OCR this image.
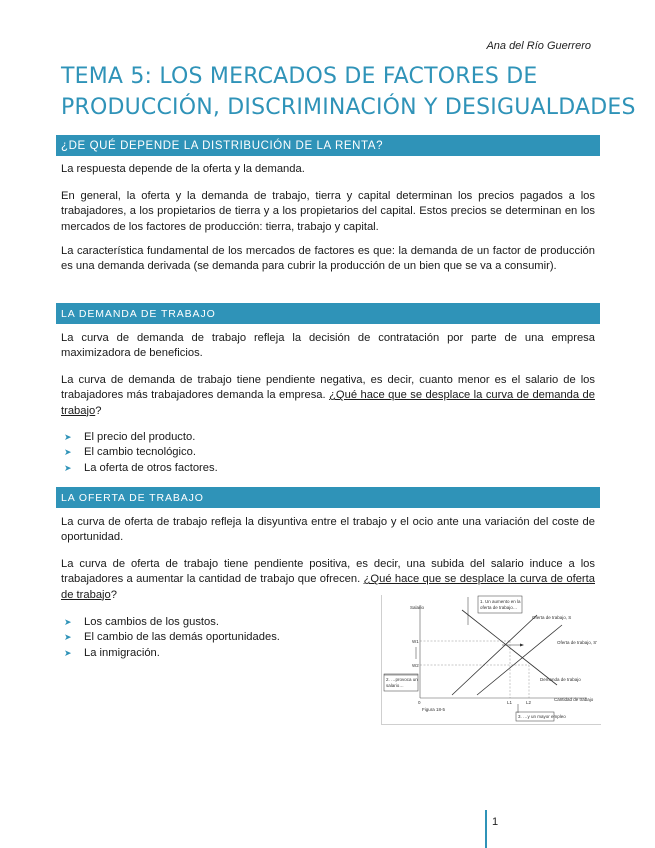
Ana del Río Guerrero
TEMA 5: LOS MERCADOS DE FACTORES DE
PRODUCCIÓN, DISCRIMINACIÓN Y DESIGUALDADES
¿DE QUÉ DEPENDE LA DISTRIBUCIÓN DE LA RENTA?

La respuesta depende de la oferta y la demanda.

En general, la oferta y la demanda de trabajo, tierra y capital determinan los precios pagados a los trabajadores, a los propietarios de tierra y a los propietarios del capital. Estos precios se determinan en los mercados de los factores de producción: tierra, trabajo y capital.

La característica fundamental de los mercados de factores es que: la demanda de un factor de producción es una demanda derivada (se demanda para cubrir la producción de un bien que se va a consumir).

LA DEMANDA DE TRABAJO

La curva de demanda de trabajo refleja la decisión de contratación por parte de una empresa maximizadora de beneficios.

La curva de demanda de trabajo tiene pendiente negativa, es decir, cuanto menor es el salario de los trabajadores más trabajadores demanda la empresa. ¿Qué hace que se desplace la curva de demanda de trabajo?

➤	El precio del producto.
➤	El cambio tecnológico.
➤	La oferta de otros factores.
LA OFERTA DE TRABAJO

La curva de oferta de trabajo refleja la disyuntiva entre el trabajo y el ocio ante una variación del coste de oportunidad.

La curva de oferta de trabajo tiene pendiente positiva, es decir, una subida del salario induce a los trabajadores a aumentar la cantidad de trabajo que ofrecen. ¿Qué hace que se desplace la curva de oferta de trabajo?

➤	Los cambios de los gustos.
➤	El cambio de las demás oportunidades.
➤	La inmigración.
Salario
W1
W2
2. …provoca un
salario…
1. Un aumento en la
oferta de trabajo…
Oferta de trabajo, S
Oferta de trabajo, S'
Demanda de trabajo
Cantidad de trabajo
0	L1	L2
Figura 18-5
3. …y un mayor empleo
1
